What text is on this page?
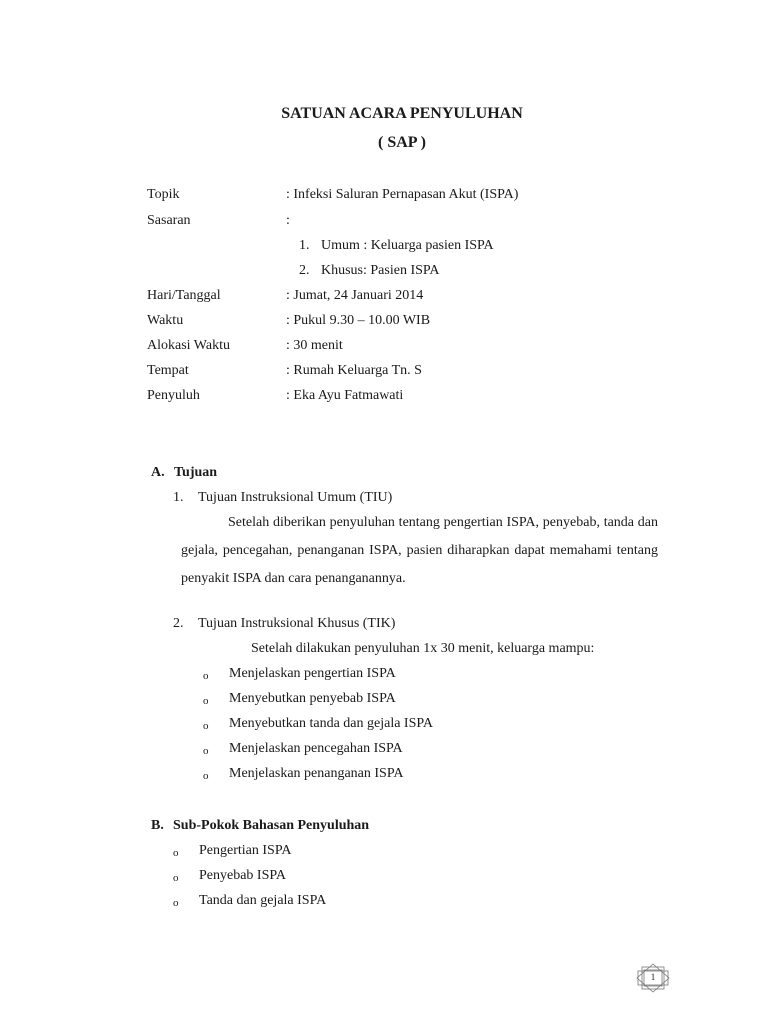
SATUAN ACARA PENYULUHAN
( SAP )
Topik	: Infeksi Saluran Pernapasan Akut (ISPA)
Sasaran	:
1. Umum : Keluarga pasien ISPA
2. Khusus: Pasien ISPA
Hari/Tanggal	: Jumat, 24 Januari 2014
Waktu	: Pukul 9.30 – 10.00 WIB
Alokasi Waktu	: 30 menit
Tempat	: Rumah Keluarga Tn. S
Penyuluh	: Eka Ayu Fatmawati
A. Tujuan
1. Tujuan Instruksional Umum (TIU)
Setelah diberikan penyuluhan tentang pengertian ISPA, penyebab, tanda dan gejala, pencegahan, penanganan ISPA, pasien diharapkan dapat memahami tentang penyakit ISPA dan cara penanganannya.
2. Tujuan Instruksional Khusus (TIK)
Setelah dilakukan penyuluhan 1x 30 menit, keluarga mampu:
o Menjelaskan pengertian ISPA
o Menyebutkan penyebab ISPA
o Menyebutkan tanda dan gejala ISPA
o Menjelaskan pencegahan ISPA
o Menjelaskan penanganan ISPA
B. Sub-Pokok Bahasan Penyuluhan
o Pengertian ISPA
o Penyebab ISPA
o Tanda dan gejala ISPA
1
